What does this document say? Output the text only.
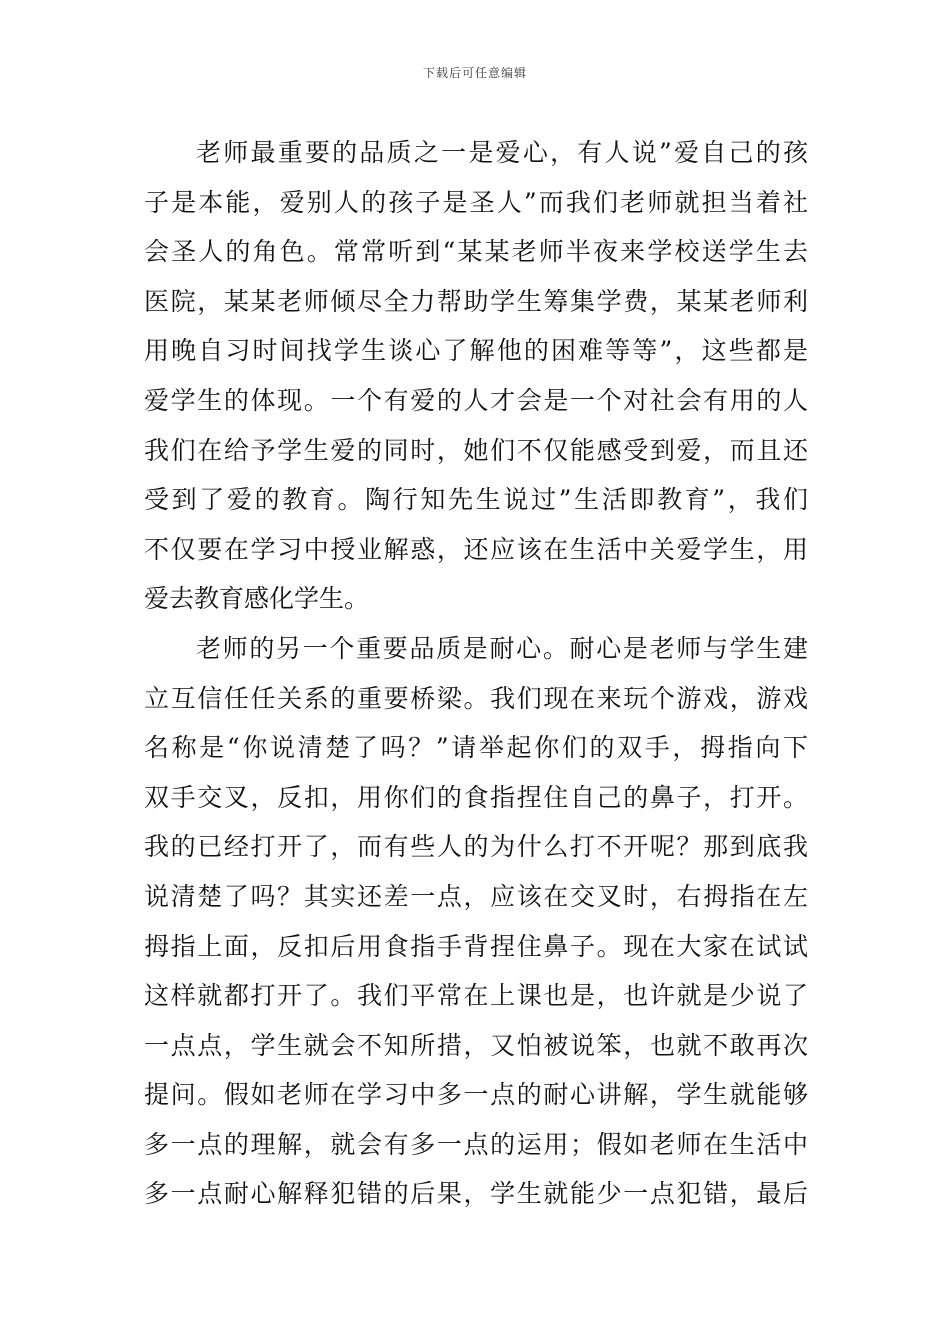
下载后可任意编辑
老师最重要的品质之一是爱心，有人说”爱自己的孩
子是本能，爱别人的孩子是圣人”而我们老师就担当着社
会圣人的角色。常常听到“某某老师半夜来学校送学生去
医院，某某老师倾尽全力帮助学生筹集学费，某某老师利
用晚自习时间找学生谈心了解他的困难等等”，这些都是
爱学生的体现。一个有爱的人才会是一个对社会有用的人
我们在给予学生爱的同时，她们不仅能感受到爱，而且还
受到了爱的教育。陶行知先生说过”生活即教育”，我们
不仅要在学习中授业解惑，还应该在生活中关爱学生，用
爱去教育感化学生。
老师的另一个重要品质是耐心。耐心是老师与学生建
立互信任任关系的重要桥梁。我们现在来玩个游戏，游戏
名称是“你说清楚了吗？”请举起你们的双手，拇指向下
双手交叉，反扣，用你们的食指捏住自己的鼻子，打开。
我的已经打开了，而有些人的为什么打不开呢？那到底我
说清楚了吗？其实还差一点，应该在交叉时，右拇指在左
拇指上面，反扣后用食指手背捏住鼻子。现在大家在试试
这样就都打开了。我们平常在上课也是，也许就是少说了
一点点，学生就会不知所措，又怕被说笨，也就不敢再次
提问。假如老师在学习中多一点的耐心讲解，学生就能够
多一点的理解，就会有多一点的运用；假如老师在生活中
多一点耐心解释犯错的后果，学生就能少一点犯错，最后
